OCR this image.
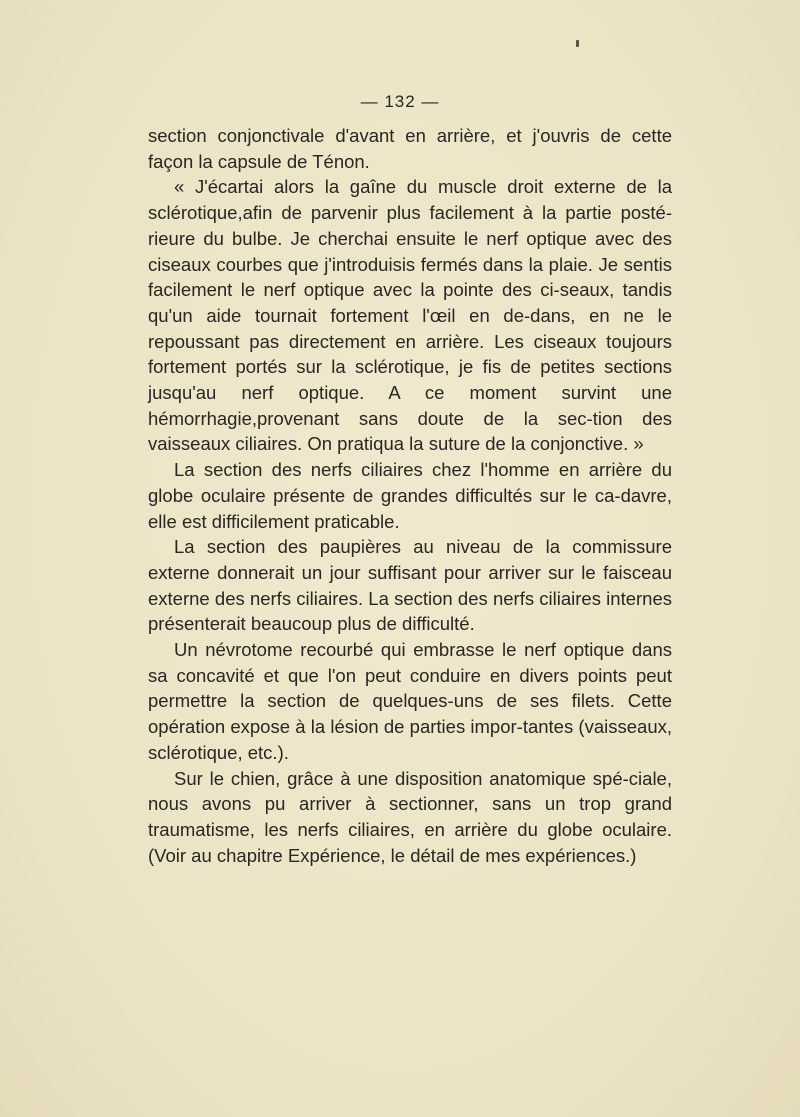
— 132 —

section conjonctivale d'avant en arrière, et j'ouvris de cette façon la capsule de Ténon.

« J'écartai alors la gaîne du muscle droit externe de la sclérotique,afin de parvenir plus facilement à la partie posté-rieure du bulbe. Je cherchai ensuite le nerf optique avec des ciseaux courbes que j'introduisis fermés dans la plaie. Je sentis facilement le nerf optique avec la pointe des ci-seaux, tandis qu'un aide tournait fortement l'œil en de-dans, en ne le repoussant pas directement en arrière. Les ciseaux toujours fortement portés sur la sclérotique, je fis de petites sections jusqu'au nerf optique. A ce moment survint une hémorrhagie,provenant sans doute de la sec-tion des vaisseaux ciliaires. On pratiqua la suture de la conjonctive. »

La section des nerfs ciliaires chez l'homme en arrière du globe oculaire présente de grandes difficultés sur le ca-davre, elle est difficilement praticable.

La section des paupières au niveau de la commissure externe donnerait un jour suffisant pour arriver sur le faisceau externe des nerfs ciliaires. La section des nerfs ciliaires internes présenterait beaucoup plus de difficulté.

Un névrotome recourbé qui embrasse le nerf optique dans sa concavité et que l'on peut conduire en divers points peut permettre la section de quelques-uns de ses filets. Cette opération expose à la lésion de parties impor-tantes (vaisseaux, sclérotique, etc.).

Sur le chien, grâce à une disposition anatomique spé-ciale, nous avons pu arriver à sectionner, sans un trop grand traumatisme, les nerfs ciliaires, en arrière du globe oculaire. (Voir au chapitre Expérience, le détail de mes expériences.)
